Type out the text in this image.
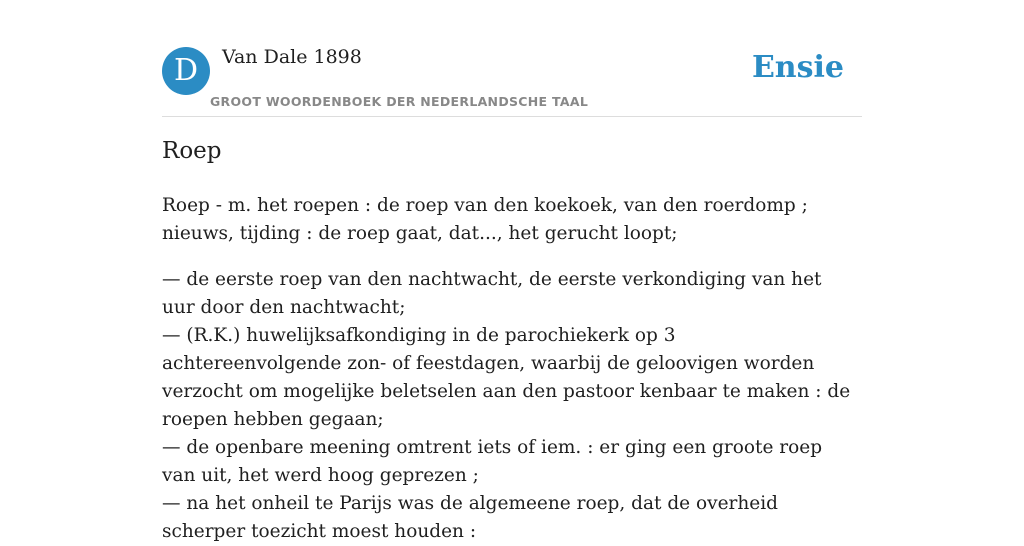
D	Van Dale 1898
GROOT WOORDENBOEK DER NEDERLANDSCHE TAAL
Ensie
Roep

Roep - m. het roepen : de roep van den koekoek, van den roerdomp ; nieuws, tijding : de roep gaat, dat..., het gerucht loopt;

— de eerste roep van den nachtwacht, de eerste verkondiging van het uur door den nachtwacht;
— (R.K.) huwelijksafkondiging in de parochiekerk op 3 achtereenvolgende zon- of feestdagen, waarbij de geloovigen worden verzocht om mogelijke beletselen aan den pastoor kenbaar te maken : de roepen hebben gegaan;
— de openbare meening omtrent iets of iem. : er ging een groote roep van uit, het werd hoog geprezen ;
— na het onheil te Parijs was de algemeene roep, dat de overheid scherper toezicht moest houden :
